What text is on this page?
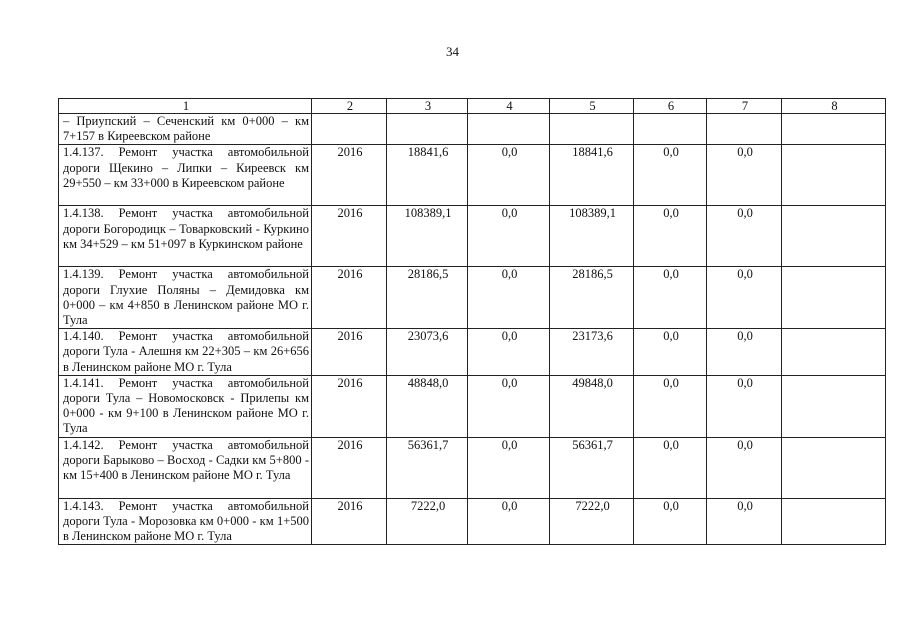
34
1	2	3	4	5	6	7	8
– Приупский – Сеченский км 0+000 – км 7+157 в Киреевском районе							
1.4.137. Ремонт участка автомобильной дороги Щекино – Липки – Киреевск км 29+550 – км 33+000 в Киреевском районе	2016	18841,6	0,0	18841,6	0,0	0,0	
1.4.138. Ремонт участка автомобильной дороги Богородицк – Товарковский - Куркино км 34+529 – км 51+097 в Куркинском районе	2016	108389,1	0,0	108389,1	0,0	0,0	
1.4.139. Ремонт участка автомобильной дороги Глухие Поляны – Демидовка км 0+000 – км 4+850 в Ленинском районе МО г. Тула	2016	28186,5	0,0	28186,5	0,0	0,0	
1.4.140. Ремонт участка автомобильной дороги Тула - Алешня км 22+305 – км 26+656 в Ленинском районе МО г. Тула	2016	23073,6	0,0	23173,6	0,0	0,0	
1.4.141. Ремонт участка автомобильной дороги Тула – Новомосковск - Прилепы км 0+000 - км 9+100 в Ленинском районе МО г. Тула	2016	48848,0	0,0	49848,0	0,0	0,0	
1.4.142. Ремонт участка автомобильной дороги Барыково – Восход - Садки км 5+800 - км 15+400 в Ленинском районе МО г. Тула	2016	56361,7	0,0	56361,7	0,0	0,0	
1.4.143. Ремонт участка автомобильной дороги Тула - Морозовка км 0+000 - км 1+500 в Ленинском районе МО г. Тула	2016	7222,0	0,0	7222,0	0,0	0,0	
